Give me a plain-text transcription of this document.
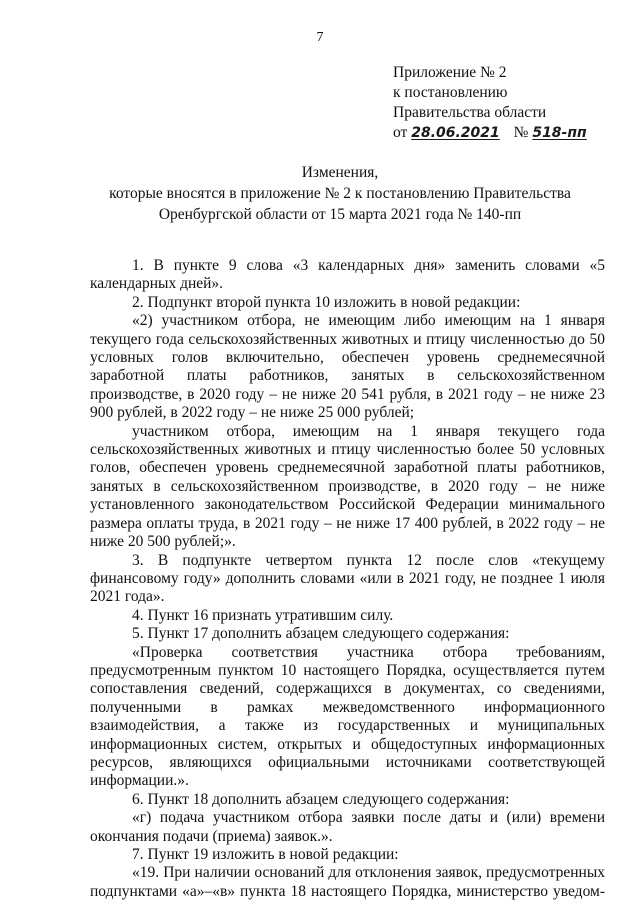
7
Приложение № 2
к постановлению
Правительства области
от 28.06.2021 № 518-пп
Изменения,
которые вносятся в приложение № 2 к постановлению Правительства
Оренбургской области от 15 марта 2021 года № 140-пп

1. В пункте 9 слова «3 календарных дня» заменить словами «5 календарных дней».

2. Подпункт второй пункта 10 изложить в новой редакции:

«2) участником отбора, не имеющим либо имеющим на 1 января текущего года сельскохозяйственных животных и птицу численностью до 50 условных голов включительно, обеспечен уровень среднемесячной заработной платы работников, занятых в сельскохозяйственном производстве, в 2020 году – не ниже 20 541 рубля, в 2021 году – не ниже 23 900 рублей, в 2022 году – не ниже 25 000 рублей;

участником отбора, имеющим на 1 января текущего года сельскохозяйственных животных и птицу численностью более 50 условных голов, обеспечен уровень среднемесячной заработной платы работников, занятых в сельскохозяйственном производстве, в 2020 году – не ниже установленного законодательством Российской Федерации минимального размера оплаты труда, в 2021 году – не ниже 17 400 рублей, в 2022 году – не ниже 20 500 рублей;».

3. В подпункте четвертом пункта 12 после слов «текущему финансовому году» дополнить словами «или в 2021 году, не позднее 1 июля 2021 года».

4. Пункт 16 признать утратившим силу.

5. Пункт 17 дополнить абзацем следующего содержания:

«Проверка соответствия участника отбора требованиям, предусмотренным пунктом 10 настоящего Порядка, осуществляется путем сопоставления сведений, содержащихся в документах, со сведениями, полученными в рамках межведомственного информационного взаимодействия, а также из государственных и муниципальных информационных систем, открытых и общедоступных информационных ресурсов, являющихся официальными источниками соответствующей информации.».

6. Пункт 18 дополнить абзацем следующего содержания:

«г) подача участником отбора заявки после даты и (или) времени окончания подачи (приема) заявок.».

7. Пункт 19 изложить в новой редакции:

«19. При наличии оснований для отклонения заявок, предусмотренных подпунктами «а»–«в» пункта 18 настоящего Порядка, министерство уведом-
